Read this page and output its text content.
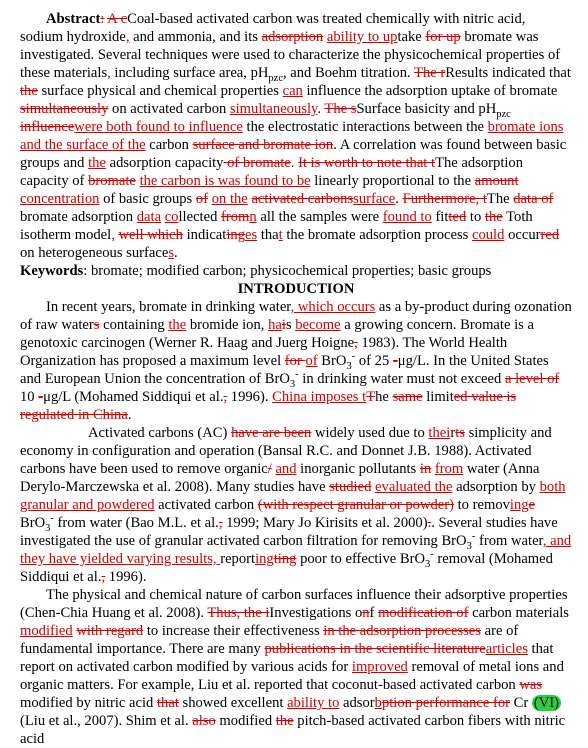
Abstract: A cCoal-based activated carbon was treated chemically with nitric acid, sodium hydroxide, and ammonia, and its adsorption ability to uptake for up bromate was investigated. Several techniques were used to characterize the physicochemical properties of these materials, including surface area, $pH_{pzc}$, and Boehm titration. The rResults indicated that the surface physical and chemical properties can influence the adsorption uptake of bromate simultaneously on activated carbon simultaneously. The sSurface basicity and $pH_{pzc}$ influencewere both found to influence the electrostatic interactions between the bromate ions and the surface of the carbon surface and bromate ion. A correlation was found between basic groups and the adsorption capacity of bromate. It is worth to note that tThe adsorption capacity of bromate the carbon is was found to be linearly proportional to the amount concentration of basic groups of on the activated carbonssurface. Furthermore, tThe data of bromate adsorption data collected fromn all the samples were found to fitted to the Toth isotherm model, well which indicatinges that the bromate adsorption process could occurred on heterogeneous surfaces.

Keywords: bromate; modified carbon; physicochemical properties; basic groups

INTRODUCTION

In recent years, bromate in drinking water, which occurs as a by-product during ozonation of raw waters containing the bromide ion, hais become a growing concern. Bromate is a genotoxic carcinogen (Werner R. Haag and Juerg Hoigne, 1983). The World Health Organization has proposed a maximum level for of BrO$_3$- of 25 -μg/L. In the United States and European Union the concentration of BrO$_3$- in drinking water must not exceed a level of 10 -μg/L (Mohamed Siddiqui et al., 1996). China imposes tThe same limited value is regulated in China.

Activated carbons (AC) have are been widely used due to theirts simplicity and economy in configuration and operation (Bansal R.C. and Donnet J.B. 1988). Activated carbons have been used to remove organic/ and inorganic pollutants in from water (Anna Derylo-Marczewska et al. 2008). Many studies have studied evaluated the adsorption by both granular and powdered activated carbon (with respect granular or powder) to removinge BrO$_3$- from water (Bao M.L. et al., 1999; Mary Jo Kirisits et al. 2000).. Several studies have investigated the use of granular activated carbon filtration for removing BrO$_3$- from water, and they have yielded varying results, reportingting poor to effective BrO$_3$- removal (Mohamed Siddiqui et al., 1996).

The physical and chemical nature of carbon surfaces influence their adsorptive properties (Chen-Chia Huang et al. 2008). Thus, the iInvestigations onf modification of carbon materials modified with regard to increase their effectiveness in the adsorption processes are of fundamental importance. There are many publications in the scientific literaturearticles that report on activated carbon modified by various acids for improved removal of metal ions and organic matters. For example, Liu et al. reported that coconut-based activated carbon was modified by nitric acid that showed excellent ability to adsorbption performance for Cr (VI) (Liu et al., 2007). Shim et al. also modified the pitch-based activated carbon fibers with nitric acid
